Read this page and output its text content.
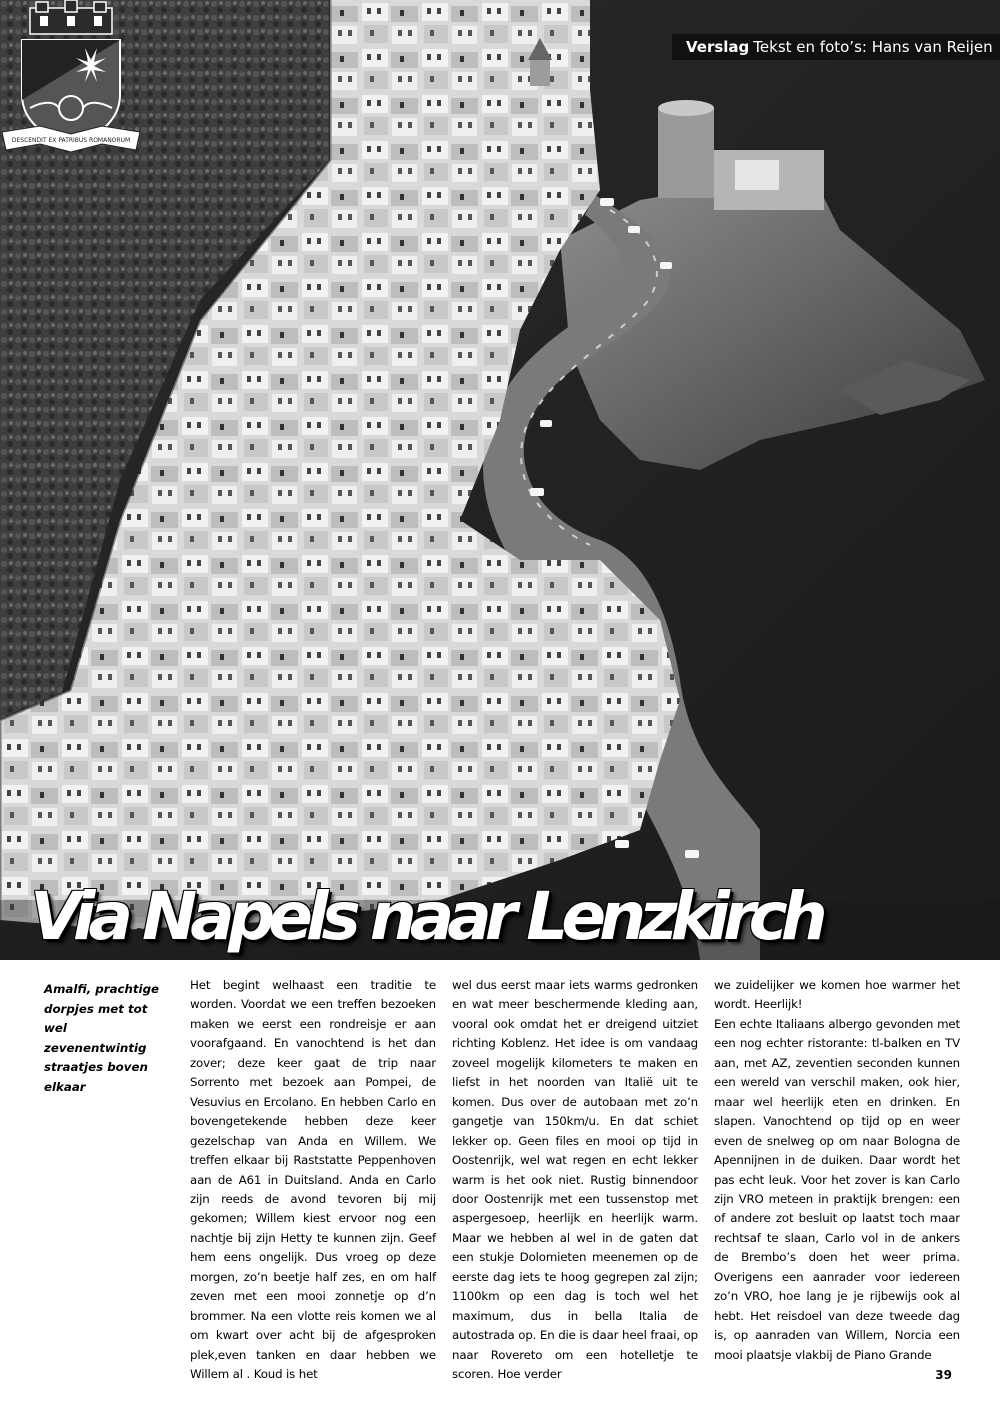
Verslag Tekst en foto’s: Hans van Reijen
DESCENDIT EX PATRIBUS ROMANORUM
Via Napels naar Lenzkirch
Amalfi, prachtige dorpjes met tot wel zevenentwintig straatjes boven elkaar

Het begint welhaast een traditie te worden. Voordat we een treffen bezoeken maken we eerst een rondreisje er aan voorafgaand. En vanochtend is het dan zover; deze keer gaat de trip naar Sorrento met bezoek aan Pompei, de Vesuvius en Ercolano. En hebben Carlo en bovengetekende hebben deze keer gezelschap van Anda en Willem. We treffen elkaar bij Raststatte Peppenhoven aan de A61 in Duitsland. Anda en Carlo zijn reeds de avond tevoren bij mij gekomen; Willem kiest ervoor nog een nachtje bij zijn Hetty te kunnen zijn. Geef hem eens ongelijk. Dus vroeg op deze morgen, zo’n beetje half zes, en om half zeven met een mooi zonnetje op d’n brommer. Na een vlotte reis komen we al om kwart over acht bij de afgesproken plek,even tanken en daar hebben we Willem al . Koud is het

wel dus eerst maar iets warms gedronken en wat meer beschermende kleding aan, vooral ook omdat het er dreigend uitziet richting Koblenz. Het idee is om vandaag zoveel mogelijk kilometers te maken en liefst in het noorden van Italië uit te komen. Dus over de autobaan met zo’n gangetje van 150km/u. En dat schiet lekker op. Geen files en mooi op tijd in Oostenrijk, wel wat regen en echt lekker warm is het ook niet. Rustig binnendoor door Oostenrijk met een tussenstop met aspergesoep, heerlijk en heerlijk warm. Maar we hebben al wel in de gaten dat een stukje Dolomieten meenemen op de eerste dag iets te hoog gegrepen zal zijn; 1100km op een dag is toch wel het maximum, dus in bella Italia de autostrada op. En die is daar heel fraai, op naar Rovereto om een hotelletje te scoren. Hoe verder

we zuidelijker we komen hoe warmer het wordt. Heerlijk!

Een echte Italiaans albergo gevonden met een nog echter ristorante: tl-balken en TV aan, met AZ, zeventien seconden kunnen een wereld van verschil maken, ook hier, maar wel heerlijk eten en drinken. En slapen. Vanochtend op tijd op en weer even de snelweg op om naar Bologna de Apennijnen in de duiken. Daar wordt het pas echt leuk. Voor het zover is kan Carlo zijn VRO meteen in praktijk brengen: een of andere zot besluit op laatst toch maar rechtsaf te slaan, Carlo vol in de ankers de Brembo’s doen het weer prima. Overigens een aanrader voor iedereen zo’n VRO, hoe lang je je rijbewijs ook al hebt. Het reisdoel van deze tweede dag is, op aanraden van Willem, Norcia een mooi plaatsje vlakbij de Piano Grande

39
